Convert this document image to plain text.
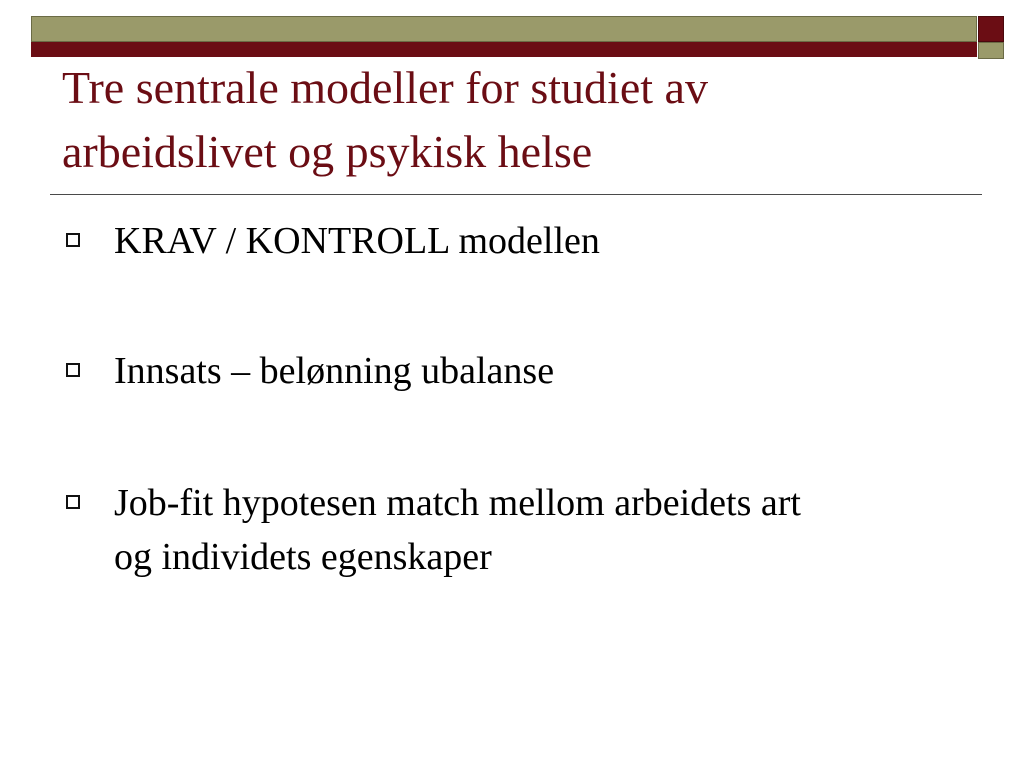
Tre sentrale modeller for studiet av
arbeidslivet og psykisk helse
KRAV / KONTROLL modellen
Innsats – belønning ubalanse
Job-fit hypotesen match mellom arbeidets art
og individets egenskaper
